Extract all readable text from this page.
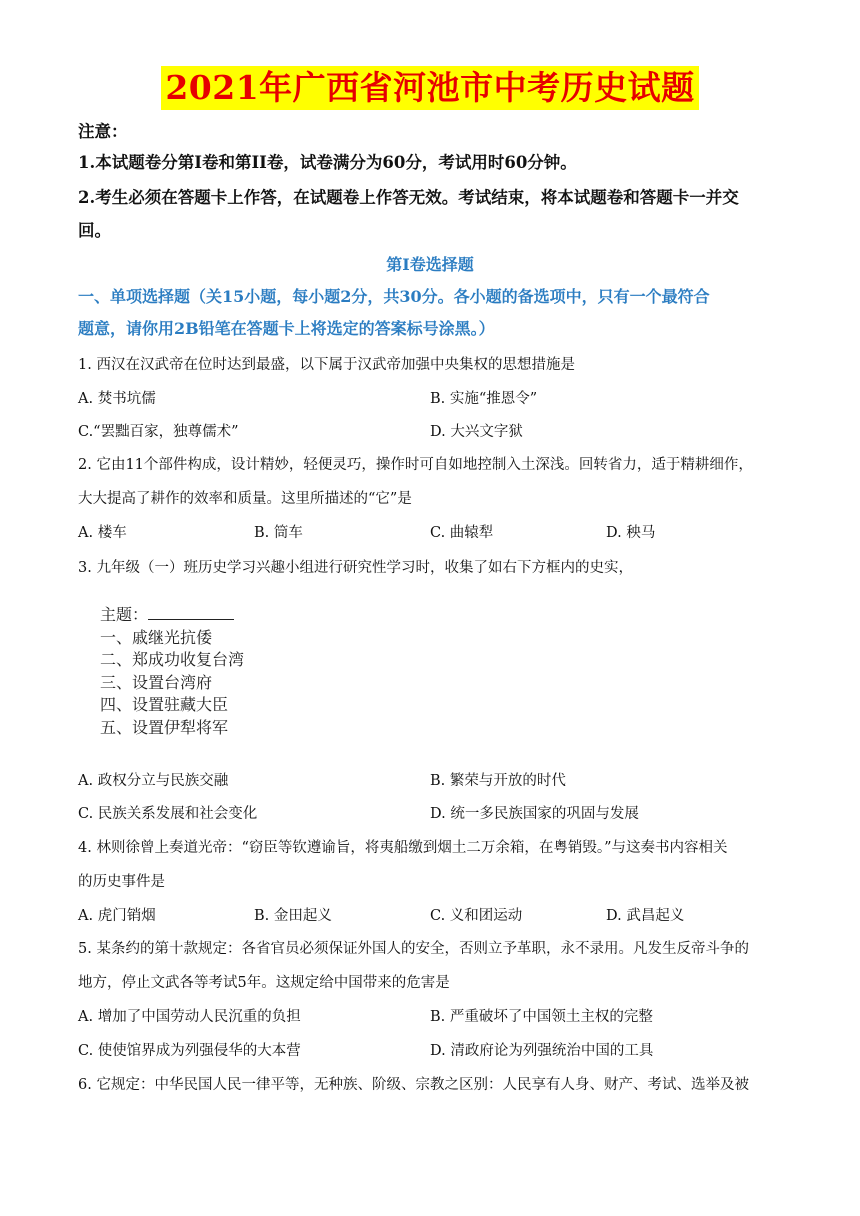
2021年广西省河池市中考历史试题
注意：
1.本试题卷分第Ⅰ卷和第ⅠⅠ卷，试卷满分为60分，考试用时60分钟。
2.考生必须在答题卡上作答，在试题卷上作答无效。考试结束，将本试题卷和答题卡一并交
回。
第Ⅰ卷选择题
一、单项选择题（关15小题，每小题2分，共30分。各小题的备选项中，只有一个最符合
题意，请你用2B铅笔在答题卡上将选定的答案标号涂黑。）
1. 西汉在汉武帝在位时达到最盛，以下属于汉武帝加强中央集权的思想措施是
A. 焚书坑儒	B. 实施“推恩令”
C.“罢黜百家，独尊儒术”	D. 大兴文字狱
2. 它由11个部件构成，设计精妙，轻便灵巧，操作时可自如地控制入土深浅。回转省力，适于精耕细作，
大大提高了耕作的效率和质量。这里所描述的“它”是
A. 楼车	B. 筒车	C. 曲辕犁	D. 秧马
3. 九年级（一）班历史学习兴趣小组进行研究性学习时，收集了如右下方框内的史实，
主题：
一、戚继光抗倭
二、郑成功收复台湾
三、设置台湾府
四、设置驻藏大臣
五、设置伊犁将军
A. 政权分立与民族交融	B. 繁荣与开放的时代
C. 民族关系发展和社会变化	D. 统一多民族国家的巩固与发展
4. 林则徐曾上奏道光帝：“窃臣等钦遵谕旨，将夷船缴到烟土二万余箱，在粤销毁。”与这奏书内容相关
的历史事件是
A. 虎门销烟	B. 金田起义	C. 义和团运动	D. 武昌起义
5. 某条约的第十款规定：各省官员必须保证外国人的安全，否则立予革职，永不录用。凡发生反帝斗争的
地方，停止文武各等考试5年。这规定给中国带来的危害是
A. 增加了中国劳动人民沉重的负担	B. 严重破坏了中国领土主权的完整
C. 使使馆界成为列强侵华的大本营	D. 清政府论为列强统治中国的工具
6. 它规定：中华民国人民一律平等，无种族、阶级、宗教之区别：人民享有人身、财产、考试、选举及被
